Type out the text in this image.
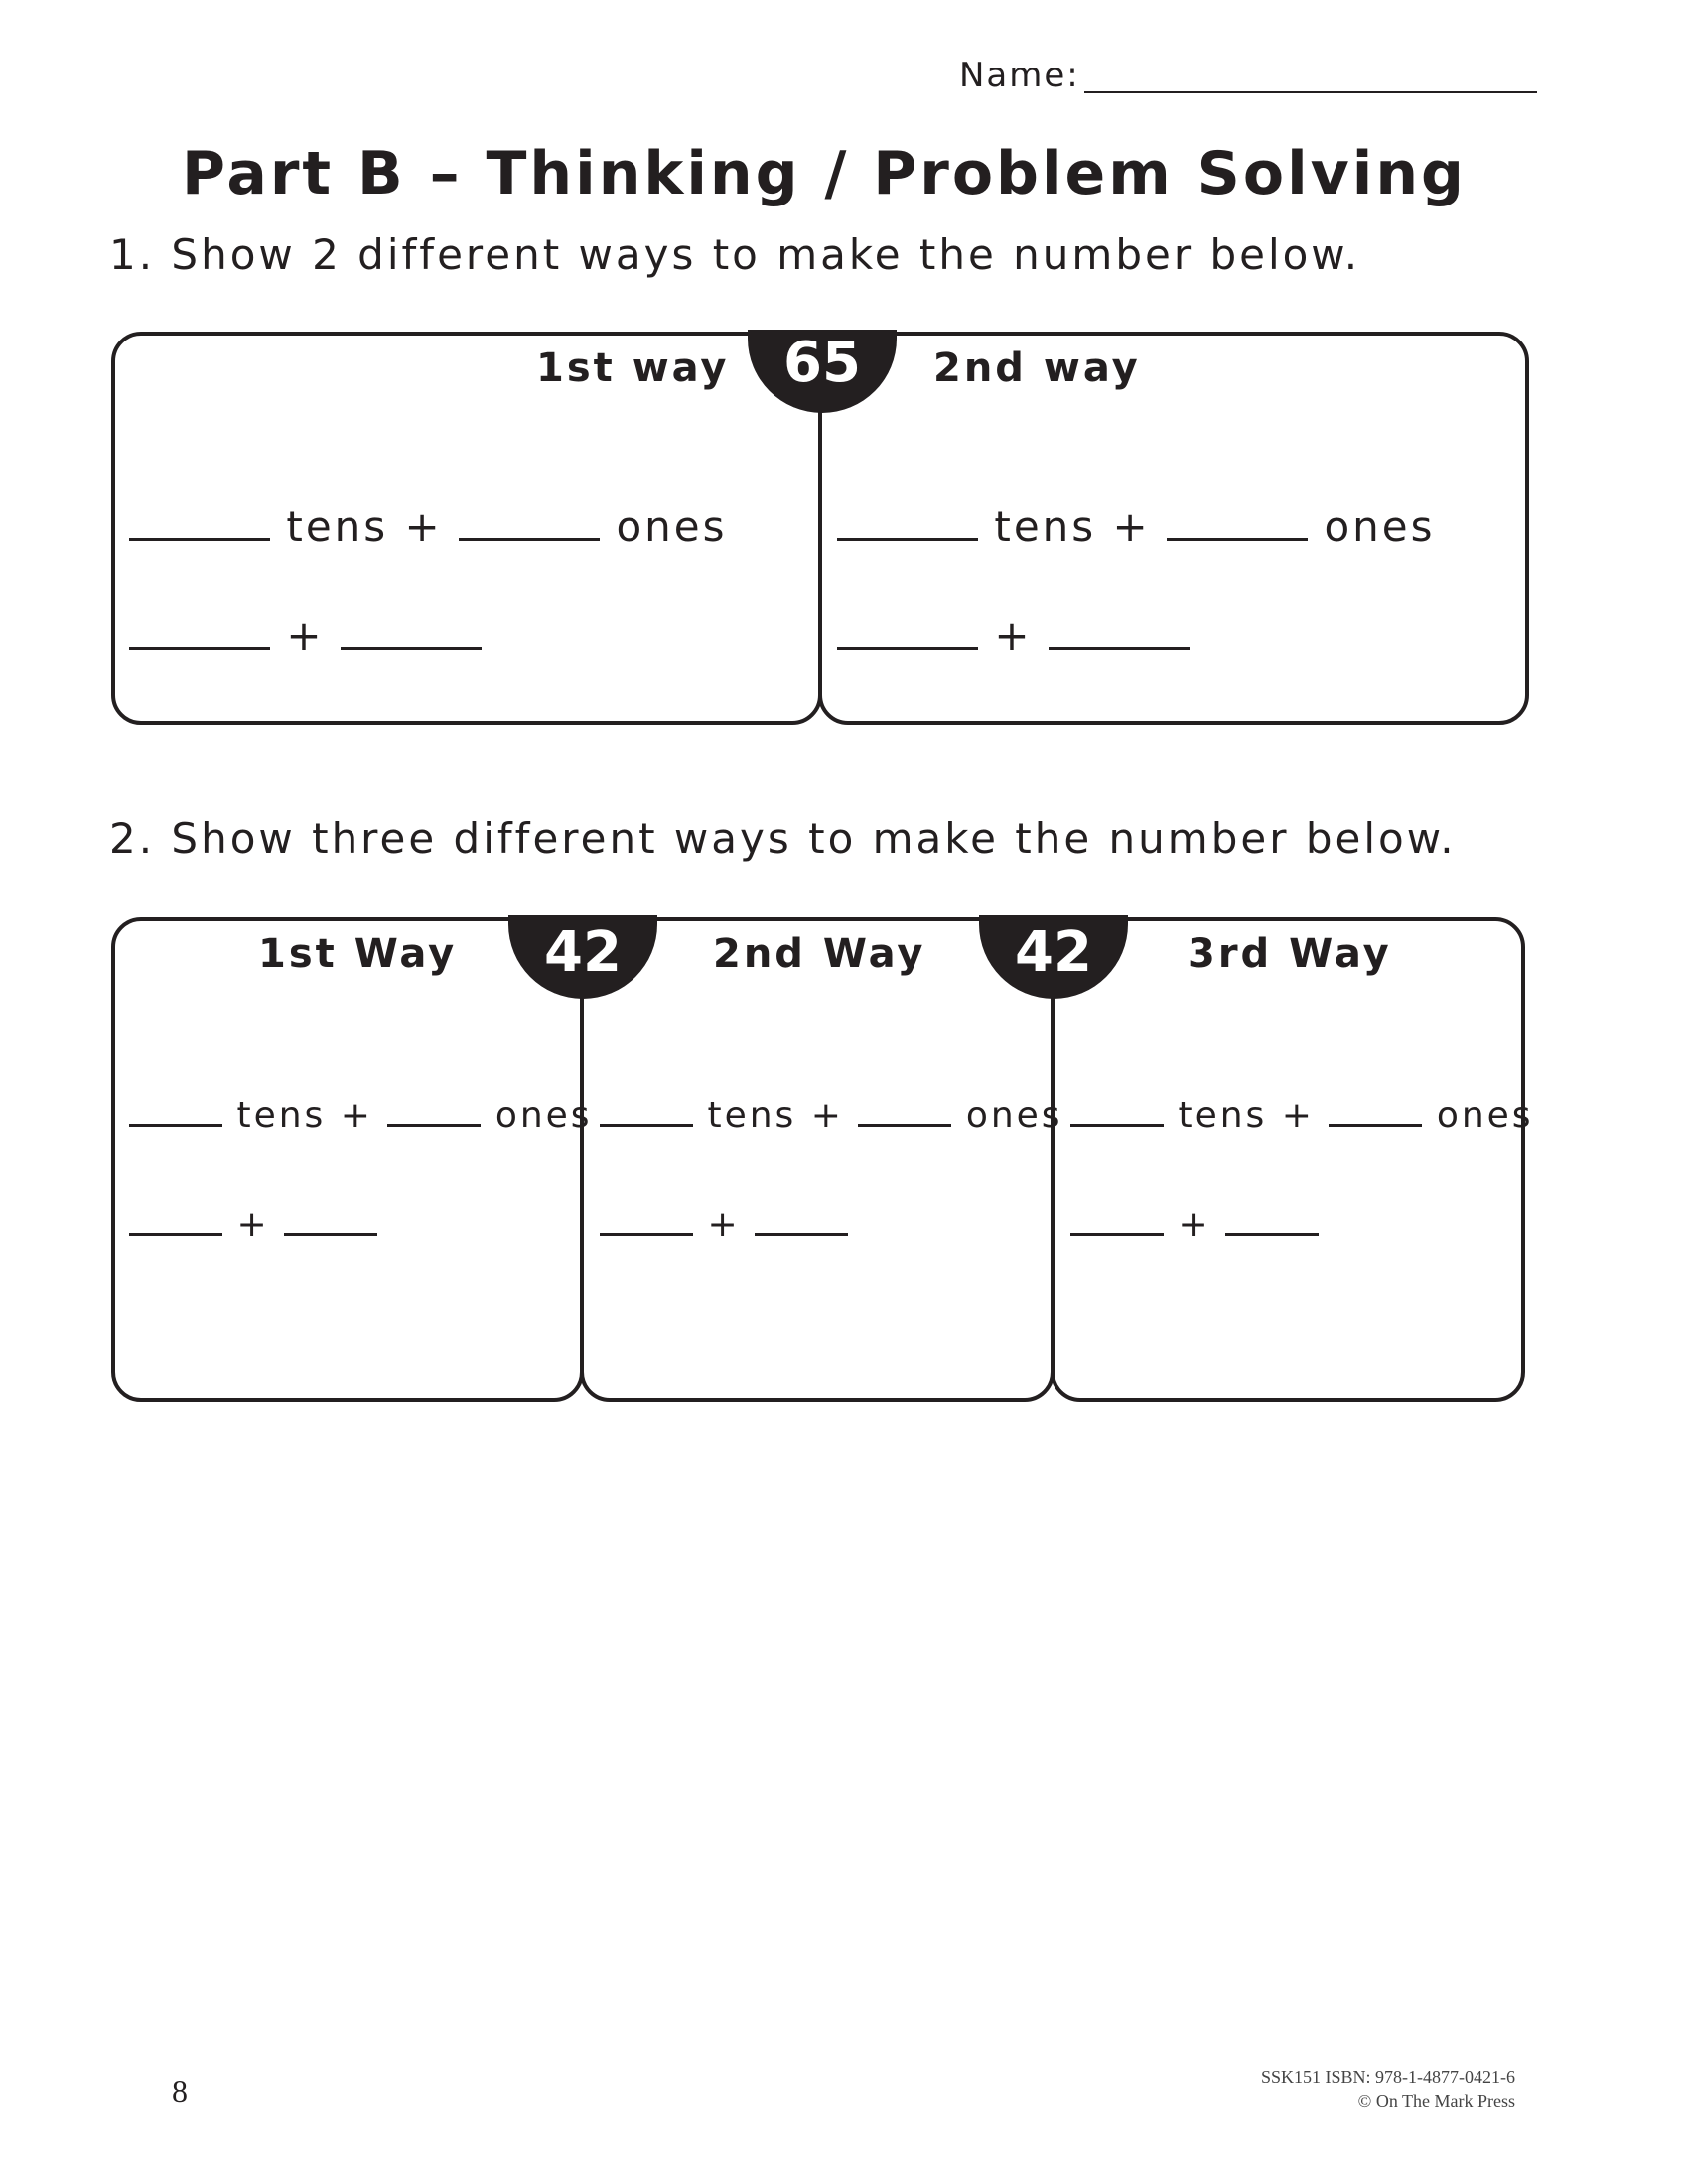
Name:
Part B – Thinking / Problem Solving
1. Show 2 different ways to make the number below.
65
1st way	2nd way
tens +	ones
+
tens +	ones
+
2. Show three different ways to make the number below.
42	42
1st Way	2nd Way	3rd Way
tens +	ones
+
tens +	ones
+
tens +	ones
+
8	SSK151 ISBN: 978-1-4877-0421-6
© On The Mark Press
